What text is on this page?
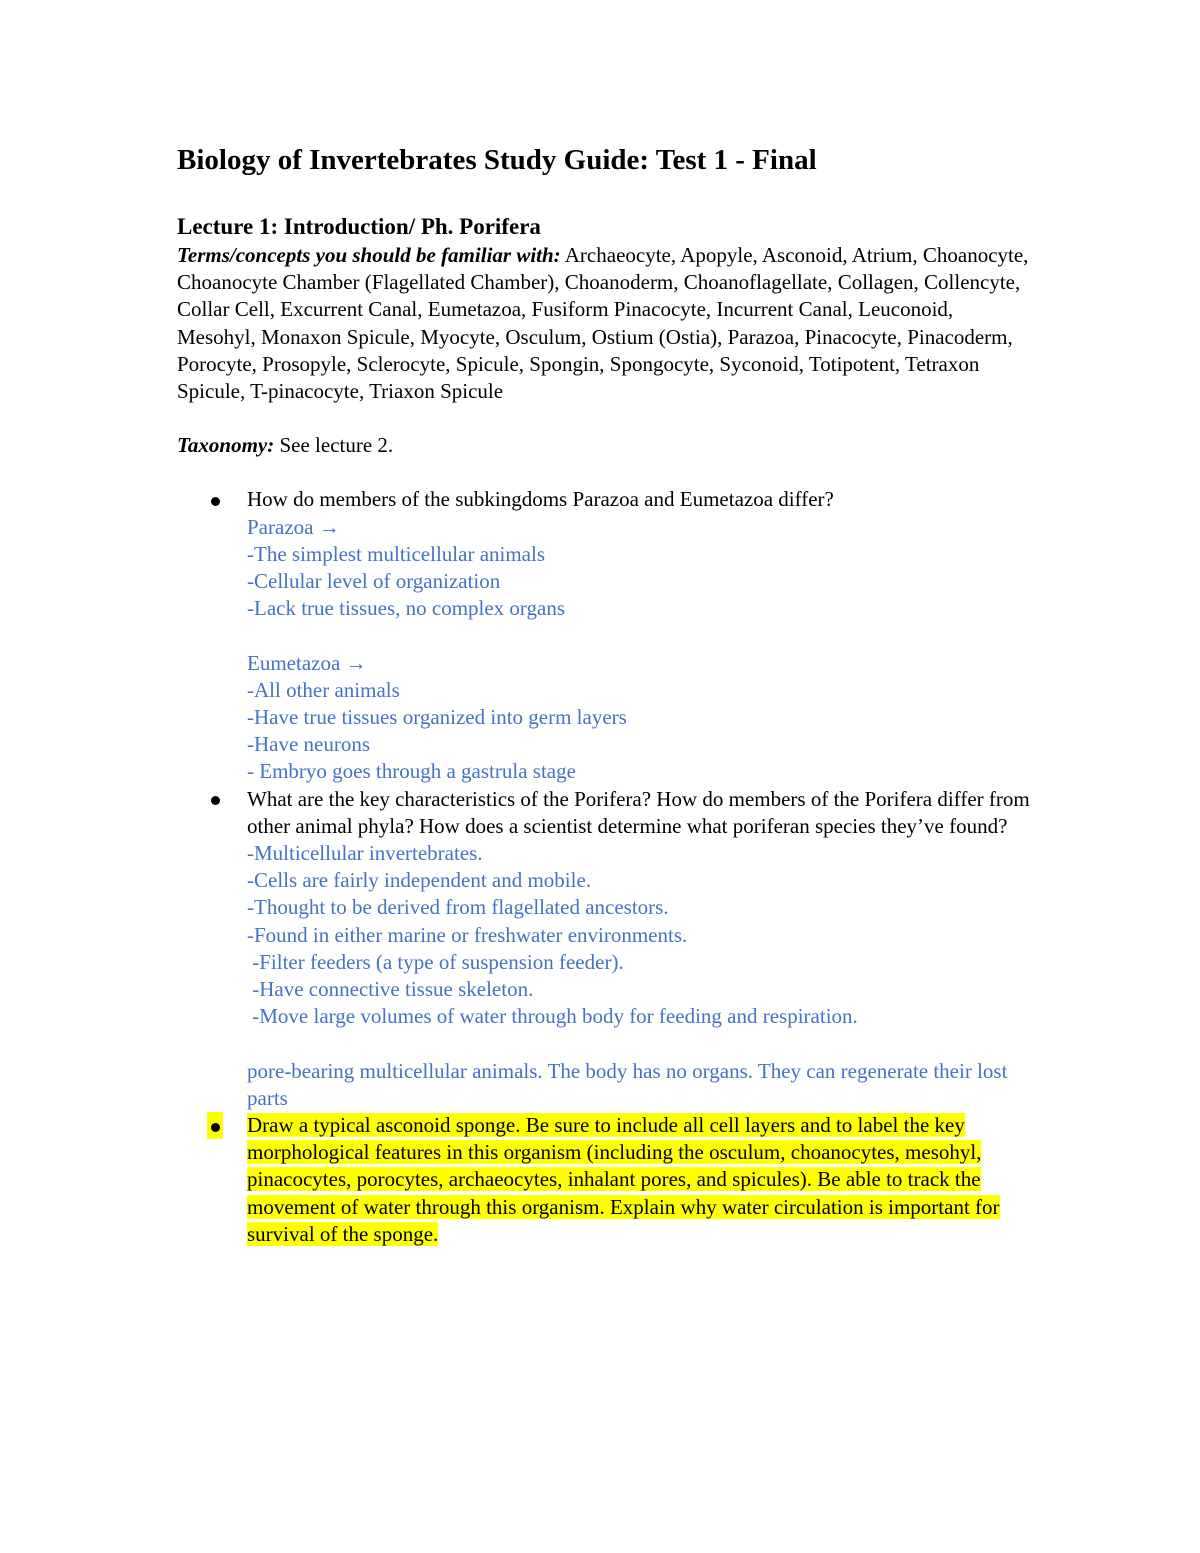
Biology of Invertebrates Study Guide: Test 1 - Final
Lecture 1: Introduction/ Ph. Porifera

Terms/concepts you should be familiar with: Archaeocyte, Apopyle, Asconoid, Atrium, Choanocyte, Choanocyte Chamber (Flagellated Chamber), Choanoderm, Choanoflagellate, Collagen, Collencyte, Collar Cell, Excurrent Canal, Eumetazoa, Fusiform Pinacocyte, Incurrent Canal, Leuconoid, Mesohyl, Monaxon Spicule, Myocyte, Osculum, Ostium (Ostia), Parazoa, Pinacocyte, Pinacoderm, Porocyte, Prosopyle, Sclerocyte, Spicule, Spongin, Spongocyte, Syconoid, Totipotent, Tetraxon Spicule, T-pinacocyte, Triaxon Spicule

Taxonomy: See lecture 2.

How do members of the subkingdoms Parazoa and Eumetazoa differ?
Parazoa →
-The simplest multicellular animals
-Cellular level of organization
-Lack true tissues, no complex organs
Eumetazoa →
-All other animals
-Have true tissues organized into germ layers
-Have neurons
- Embryo goes through a gastrula stage
What are the key characteristics of the Porifera? How do members of the Porifera differ from other animal phyla? How does a scientist determine what poriferan species they’ve found?
-Multicellular invertebrates.
-Cells are fairly independent and mobile.
-Thought to be derived from flagellated ancestors.
-Found in either marine or freshwater environments.
-Filter feeders (a type of suspension feeder).
-Have connective tissue skeleton.
-Move large volumes of water through body for feeding and respiration.
pore-bearing multicellular animals. The body has no organs. They can regenerate their lost parts
Draw a typical asconoid sponge. Be sure to include all cell layers and to label the key morphological features in this organism (including the osculum, choanocytes, mesohyl, pinacocytes, porocytes, archaeocytes, inhalant pores, and spicules). Be able to track the movement of water through this organism. Explain why water circulation is important for survival of the sponge.
